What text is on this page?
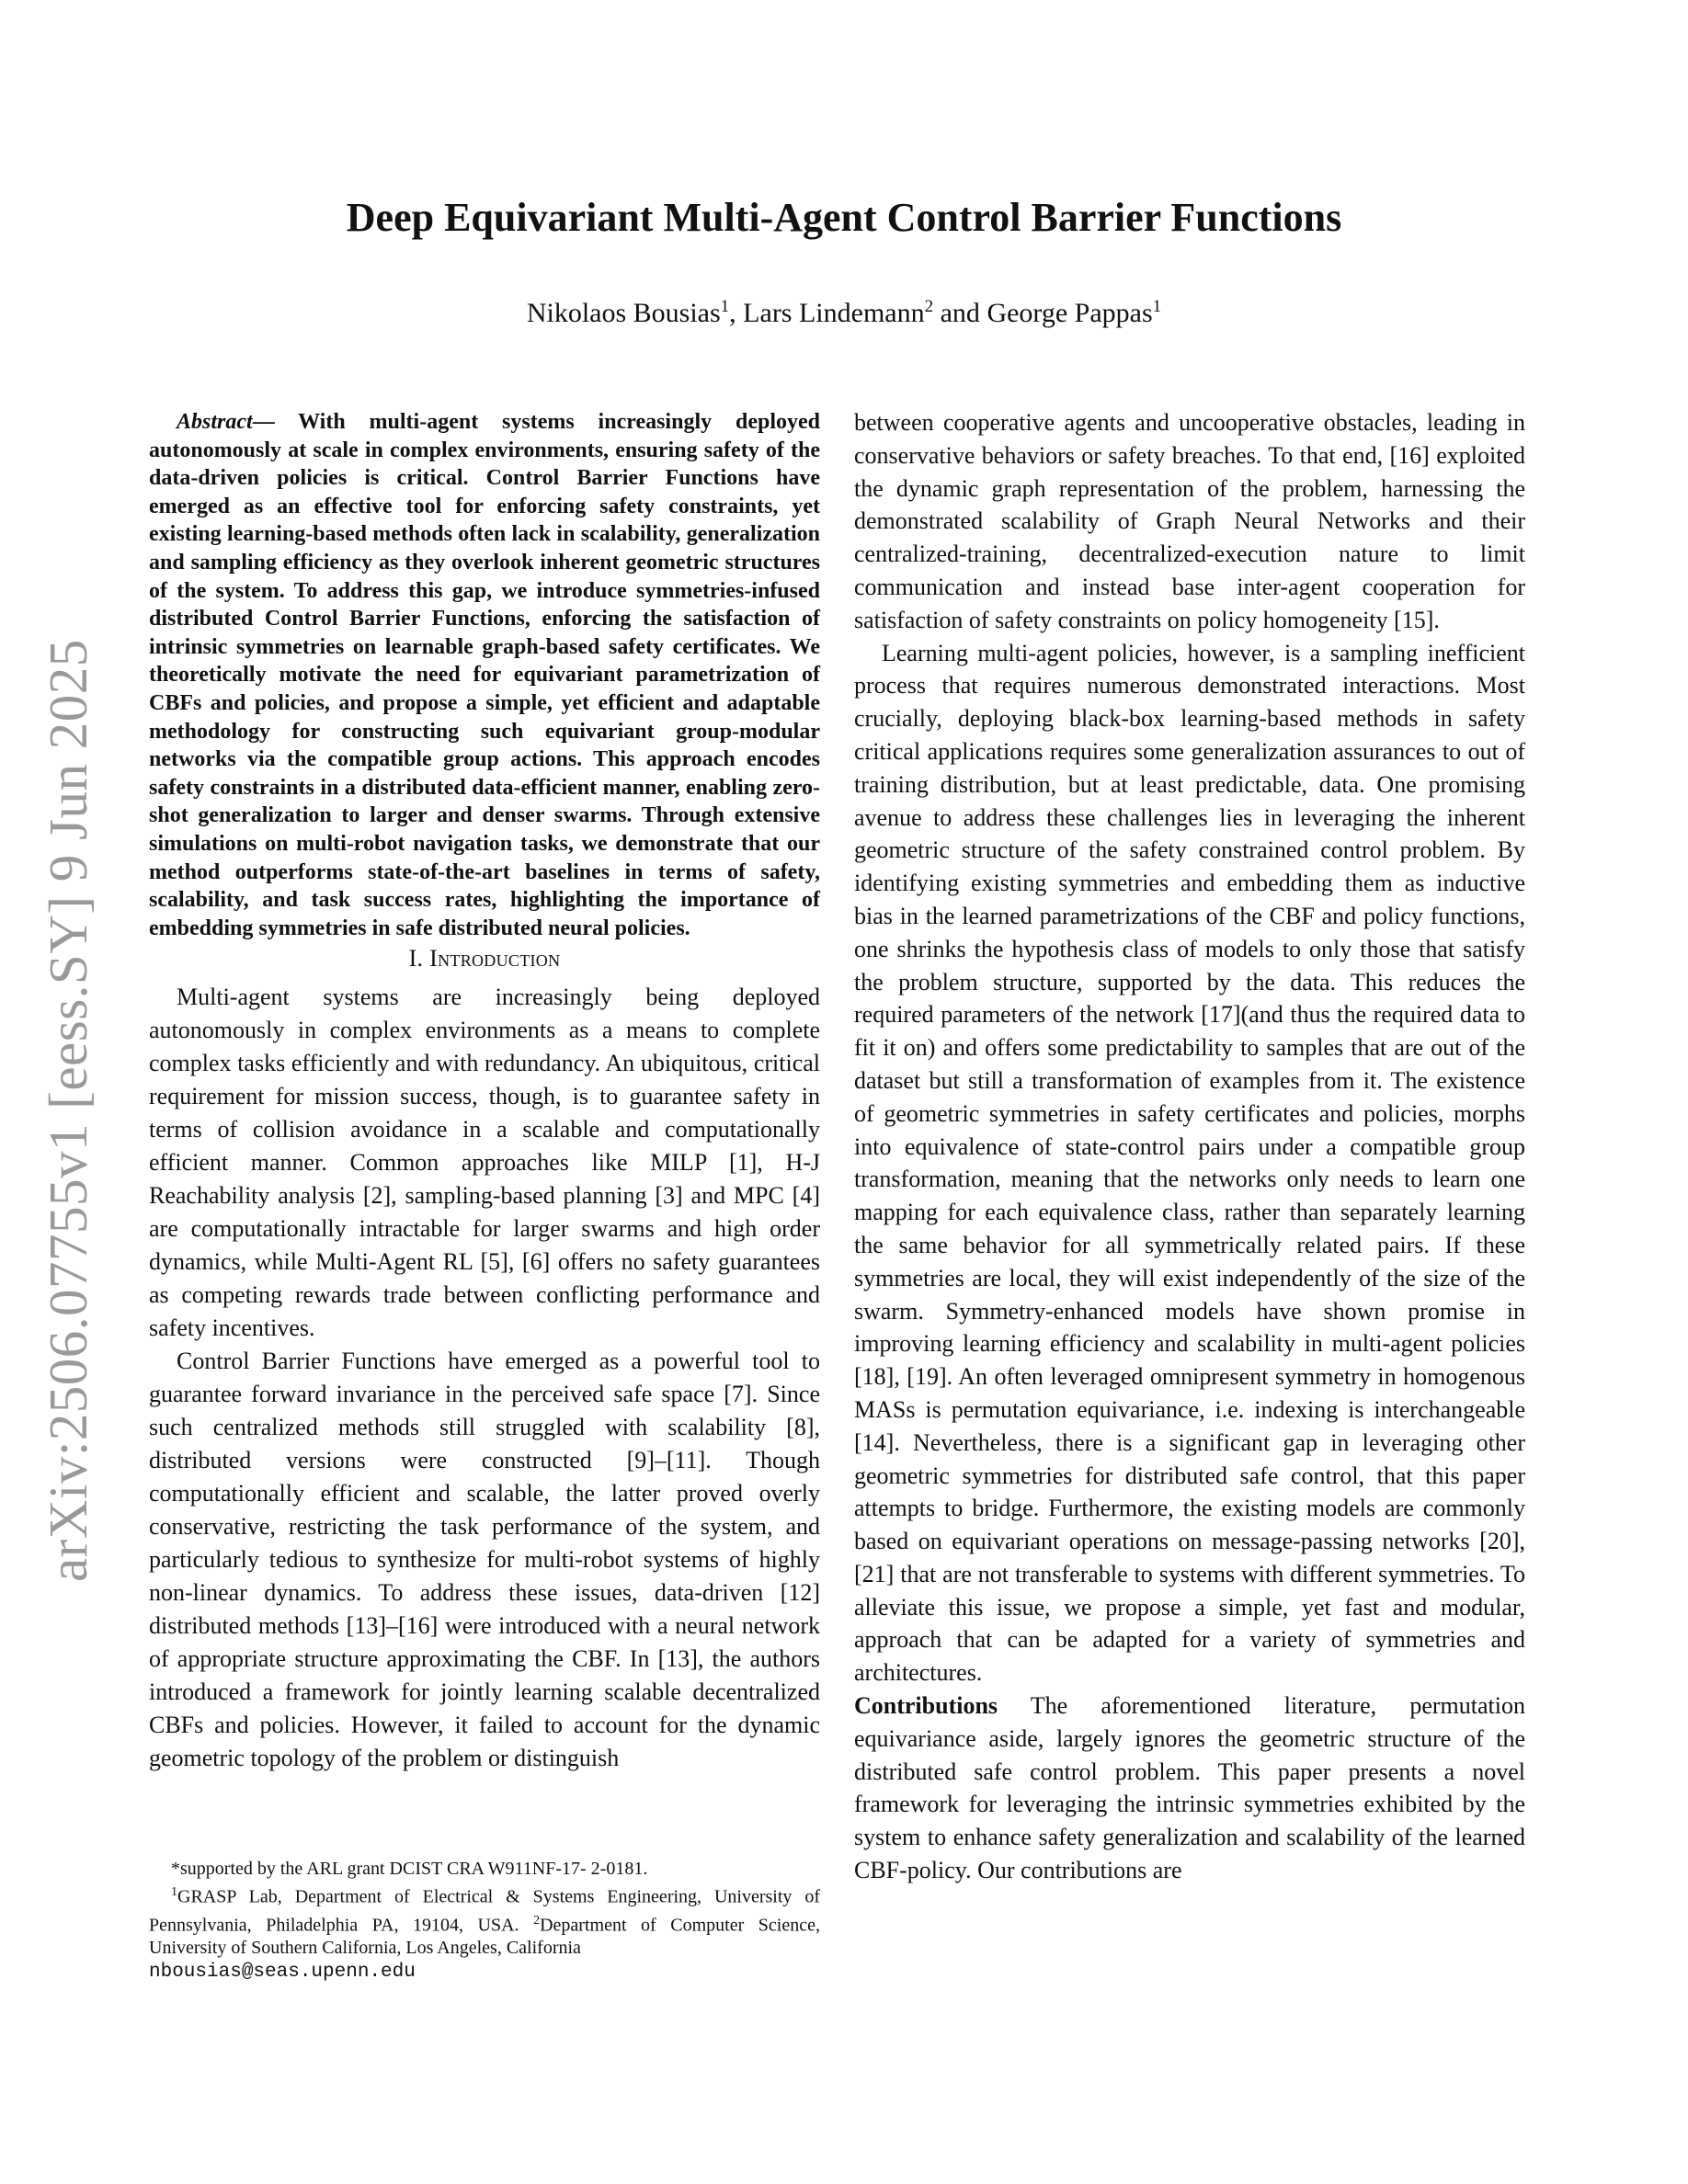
arXiv:2506.07755v1 [eess.SY] 9 Jun 2025
Deep Equivariant Multi-Agent Control Barrier Functions
Nikolaos Bousias$^1$, Lars Lindemann$^2$ and George Pappas$^1$

Abstract— With multi-agent systems increasingly deployed autonomously at scale in complex environments, ensuring safety of the data-driven policies is critical. Control Barrier Functions have emerged as an effective tool for enforcing safety constraints, yet existing learning-based methods often lack in scalability, generalization and sampling efficiency as they overlook inherent geometric structures of the system. To address this gap, we introduce symmetries-infused distributed Control Barrier Functions, enforcing the satisfaction of intrinsic symmetries on learnable graph-based safety certificates. We theoretically motivate the need for equivariant parametrization of CBFs and policies, and propose a simple, yet efficient and adaptable methodology for constructing such equivariant group-modular networks via the compatible group actions. This approach encodes safety constraints in a distributed data-efficient manner, enabling zero-shot generalization to larger and denser swarms. Through extensive simulations on multi-robot navigation tasks, we demonstrate that our method outperforms state-of-the-art baselines in terms of safety, scalability, and task success rates, highlighting the importance of embedding symmetries in safe distributed neural policies.

I. Introduction

Multi-agent systems are increasingly being deployed autonomously in complex environments as a means to complete complex tasks efficiently and with redundancy. An ubiquitous, critical requirement for mission success, though, is to guarantee safety in terms of collision avoidance in a scalable and computationally efficient manner. Common approaches like MILP [1], H-J Reachability analysis [2], sampling-based planning [3] and MPC [4] are computationally intractable for larger swarms and high order dynamics, while Multi-Agent RL [5], [6] offers no safety guarantees as competing rewards trade between conflicting performance and safety incentives.

Control Barrier Functions have emerged as a powerful tool to guarantee forward invariance in the perceived safe space [7]. Since such centralized methods still struggled with scalability [8], distributed versions were constructed [9]–[11]. Though computationally efficient and scalable, the latter proved overly conservative, restricting the task performance of the system, and particularly tedious to synthesize for multi-robot systems of highly non-linear dynamics. To address these issues, data-driven [12] distributed methods [13]–[16] were introduced with a neural network of appropriate structure approximating the CBF. In [13], the authors introduced a framework for jointly learning scalable decentralized CBFs and policies. However, it failed to account for the dynamic geometric topology of the problem or distinguish

between cooperative agents and uncooperative obstacles, leading in conservative behaviors or safety breaches. To that end, [16] exploited the dynamic graph representation of the problem, harnessing the demonstrated scalability of Graph Neural Networks and their centralized-training, decentralized-execution nature to limit communication and instead base inter-agent cooperation for satisfaction of safety constraints on policy homogeneity [15].

Learning multi-agent policies, however, is a sampling inefficient process that requires numerous demonstrated interactions. Most crucially, deploying black-box learning-based methods in safety critical applications requires some generalization assurances to out of training distribution, but at least predictable, data. One promising avenue to address these challenges lies in leveraging the inherent geometric structure of the safety constrained control problem. By identifying existing symmetries and embedding them as inductive bias in the learned parametrizations of the CBF and policy functions, one shrinks the hypothesis class of models to only those that satisfy the problem structure, supported by the data. This reduces the required parameters of the network [17](and thus the required data to fit it on) and offers some predictability to samples that are out of the dataset but still a transformation of examples from it. The existence of geometric symmetries in safety certificates and policies, morphs into equivalence of state-control pairs under a compatible group transformation, meaning that the networks only needs to learn one mapping for each equivalence class, rather than separately learning the same behavior for all symmetrically related pairs. If these symmetries are local, they will exist independently of the size of the swarm. Symmetry-enhanced models have shown promise in improving learning efficiency and scalability in multi-agent policies [18], [19]. An often leveraged omnipresent symmetry in homogenous MASs is permutation equivariance, i.e. indexing is interchangeable [14]. Nevertheless, there is a significant gap in leveraging other geometric symmetries for distributed safe control, that this paper attempts to bridge. Furthermore, the existing models are commonly based on equivariant operations on message-passing networks [20], [21] that are not transferable to systems with different symmetries. To alleviate this issue, we propose a simple, yet fast and modular, approach that can be adapted for a variety of symmetries and architectures.

Contributions The aforementioned literature, permutation equivariance aside, largely ignores the geometric structure of the distributed safe control problem. This paper presents a novel framework for leveraging the intrinsic symmetries exhibited by the system to enhance safety generalization and scalability of the learned CBF-policy. Our contributions are

*supported by the ARL grant DCIST CRA W911NF-17- 2-0181.

$^1$GRASP Lab, Department of Electrical & Systems Engineering, University of Pennsylvania, Philadelphia PA, 19104, USA. $^2$Department of Computer Science, University of Southern California, Los Angeles, California

nbousias@seas.upenn.edu
